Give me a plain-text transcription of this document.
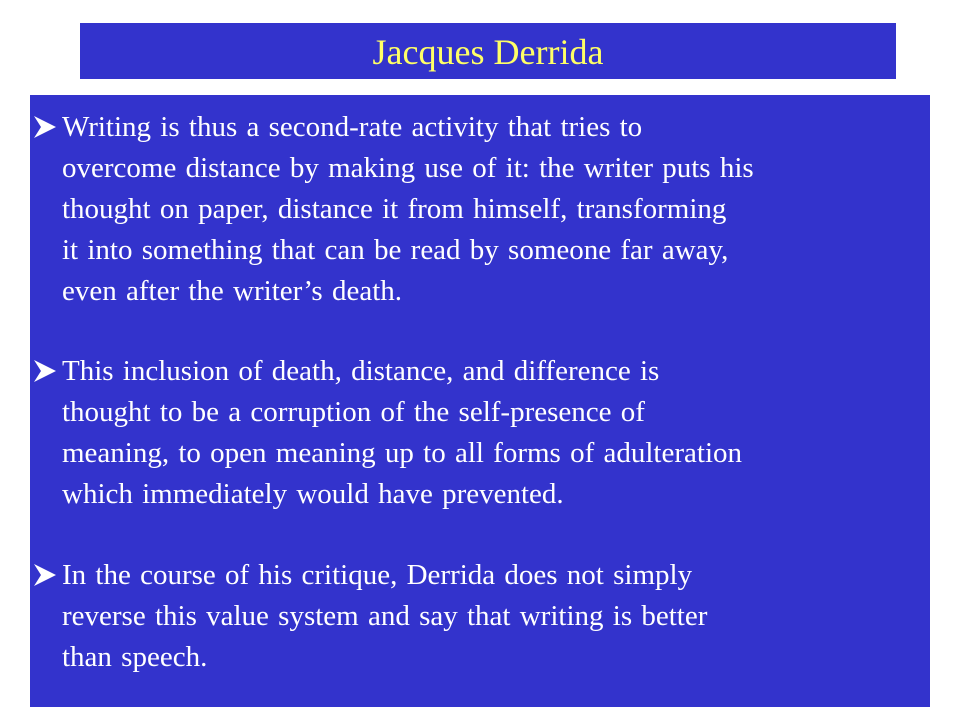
Jacques Derrida
Writing is thus a second-rate activity that tries to
overcome distance by making use of it: the writer puts his
thought on paper, distance it from himself, transforming
it into something that can be read by someone far away,
even after the writer’s death.
This inclusion of death, distance, and difference is
thought to be a corruption of the self-presence of
meaning, to open meaning up to all forms of adulteration
which immediately would have prevented.
In the course of his critique, Derrida does not simply
reverse this value system and say that writing is better
than speech.
